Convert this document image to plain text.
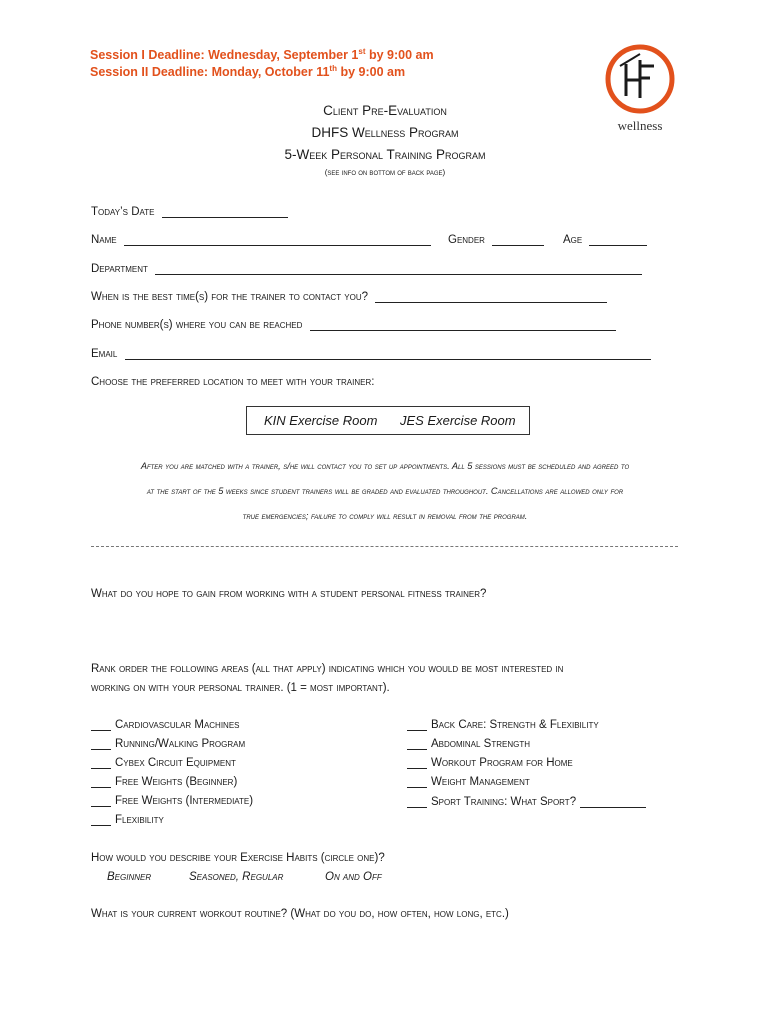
Session I Deadline: Wednesday, September 1st by 9:00 am
Session II Deadline: Monday, October 11th by 9:00 am
wellness
Client Pre-Evaluation
DHFS Wellness Program
5-Week Personal Training Program
(see info on bottom of back page)
Today’s Date
Name	Gender	Age
Department
When is the best time(s) for the trainer to contact you?
Phone number(s) where you can be reached
Email
Choose the preferred location to meet with your trainer:
KIN Exercise Room JES Exercise Room
After you are matched with a trainer, s/he will contact you to set up appointments. All 5 sessions must be scheduled and agreed to
at the start of the 5 weeks since student trainers will be graded and evaluated throughout. Cancellations are allowed only for
true emergencies; failure to comply will result in removal from the program.
What do you hope to gain from working with a student personal fitness trainer?
Rank order the following areas (all that apply) indicating which you would be most interested in
working on with your personal trainer. (1 = most important).
Cardiovascular Machines
Running/Walking Program
Cybex Circuit Equipment
Free Weights (Beginner)
Free Weights (Intermediate)
Flexibility
Back Care: Strength & Flexibility
Abdominal Strength
Workout Program for Home
Weight Management
Sport Training: What Sport?
How would you describe your Exercise Habits (circle one)?
Beginner	Seasoned, Regular	On and Off
What is your current workout routine? (What do you do, how often, how long, etc.)
